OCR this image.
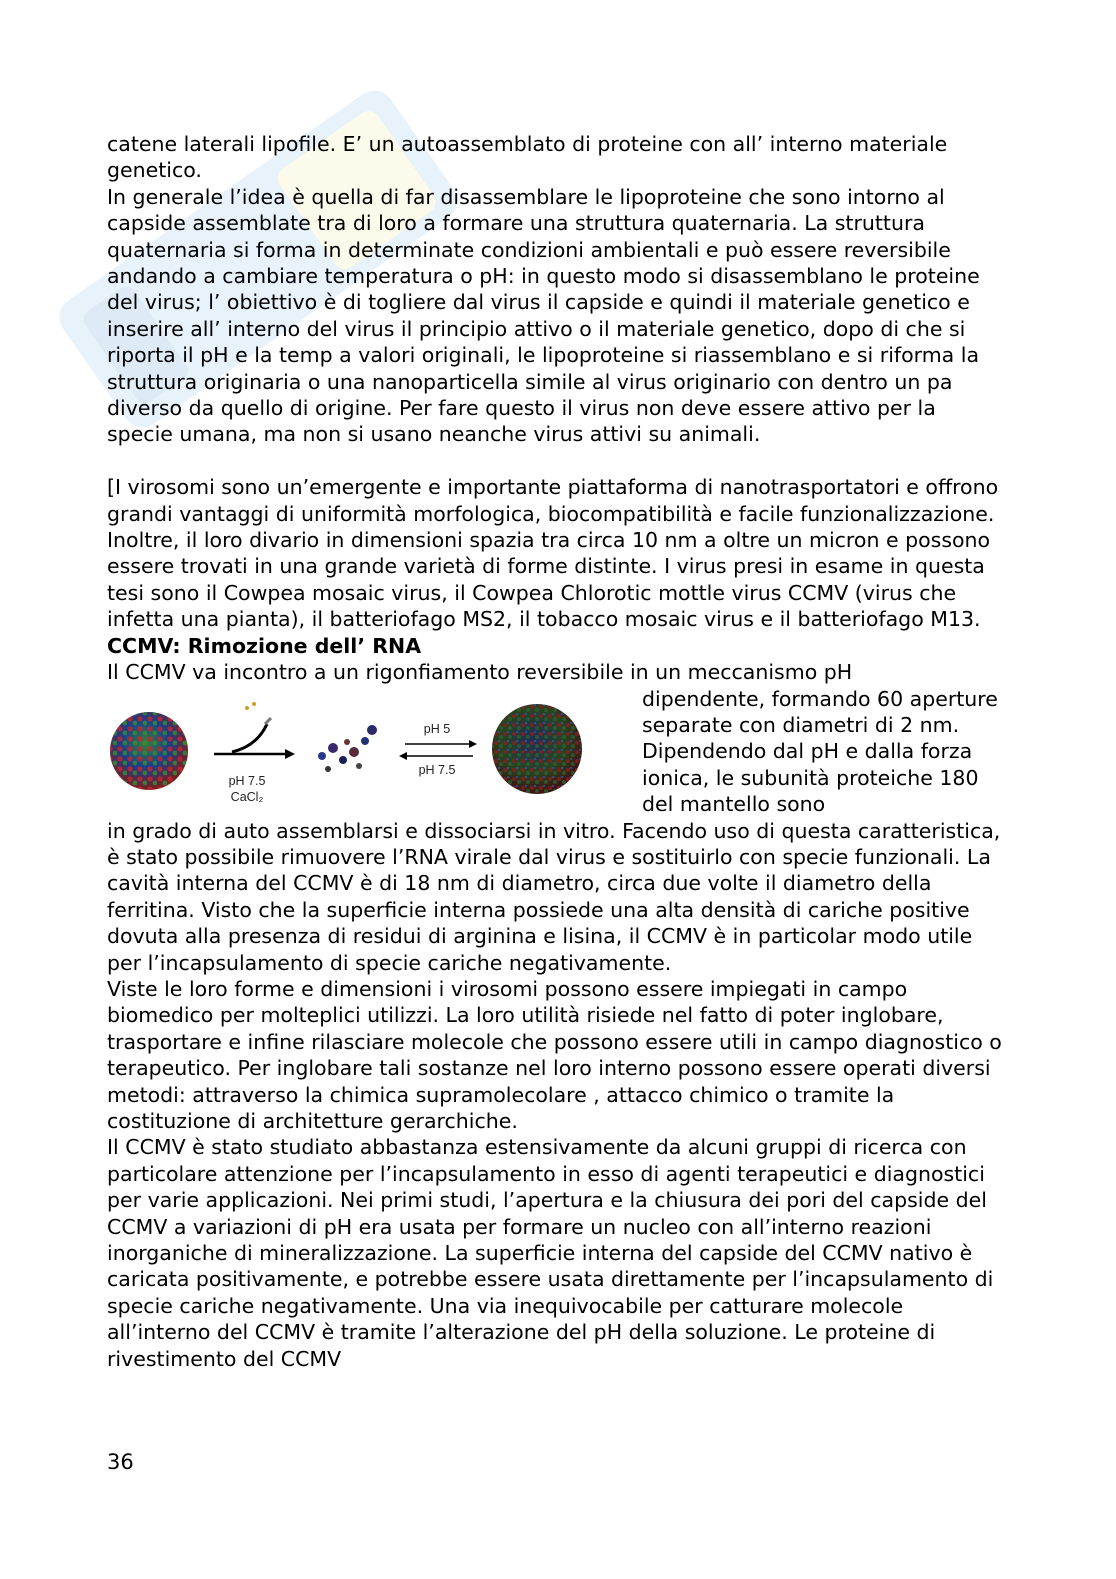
catene laterali lipofile. E’ un autoassemblato di proteine con all’ interno materiale genetico.

In generale l’idea è quella di far disassemblare le lipoproteine che sono intorno al capside assemblate tra di loro a formare una struttura quaternaria. La struttura quaternaria si forma in determinate condizioni ambientali e può essere reversibile andando a cambiare temperatura o pH: in questo modo si disassemblano le proteine del virus; l’ obiettivo è di togliere dal virus il capside e quindi il materiale genetico e inserire all’ interno del virus il principio attivo o il materiale genetico, dopo di che si riporta il pH e la temp a valori originali, le lipoproteine si riassemblano e si riforma la struttura originaria o una nanoparticella simile al virus originario con dentro un pa diverso da quello di origine. Per fare questo il virus non deve essere attivo per la specie umana, ma non si usano neanche virus attivi su animali.

[I virosomi sono un’emergente e importante piattaforma di nanotrasportatori e offrono grandi vantaggi di uniformità morfologica, biocompatibilità e facile funzionalizzazione. Inoltre, il loro divario in dimensioni spazia tra circa 10 nm a oltre un micron e possono essere trovati in una grande varietà di forme distinte. I virus presi in esame in questa tesi sono il Cowpea mosaic virus, il Cowpea Chlorotic mottle virus CCMV (virus che infetta una pianta), il batteriofago MS2, il tobacco mosaic virus e il batteriofago M13.

CCMV: Rimozione dell’ RNA

Il CCMV va incontro a un rigonfiamento reversibile in un meccanismo pH

pH 7.5
CaCl₂
pH 5
pH 7.5

dipendente, formando 60 aperture separate con diametri di 2 nm. Dipendendo dal pH e dalla forza ionica, le subunità proteiche 180 del mantello sono

in grado di auto assemblarsi e dissociarsi in vitro. Facendo uso di questa caratteristica, è stato possibile rimuovere l’RNA virale dal virus e sostituirlo con specie funzionali. La cavità interna del CCMV è di 18 nm di diametro, circa due volte il diametro della ferritina. Visto che la superficie interna possiede una alta densità di cariche positive dovuta alla presenza di residui di arginina e lisina, il CCMV è in particolar modo utile per l’incapsulamento di specie cariche negativamente.

Viste le loro forme e dimensioni i virosomi possono essere impiegati in campo biomedico per molteplici utilizzi. La loro utilità risiede nel fatto di poter inglobare, trasportare e infine rilasciare molecole che possono essere utili in campo diagnostico o terapeutico. Per inglobare tali sostanze nel loro interno possono essere operati diversi metodi: attraverso la chimica supramolecolare , attacco chimico o tramite la costituzione di architetture gerarchiche.

Il CCMV è stato studiato abbastanza estensivamente da alcuni gruppi di ricerca con particolare attenzione per l’incapsulamento in esso di agenti terapeutici e diagnostici per varie applicazioni. Nei primi studi, l’apertura e la chiusura dei pori del capside del CCMV a variazioni di pH era usata per formare un nucleo con all’interno reazioni inorganiche di mineralizzazione. La superficie interna del capside del CCMV nativo è caricata positivamente, e potrebbe essere usata direttamente per l’incapsulamento di specie cariche negativamente. Una via inequivocabile per catturare molecole all’interno del CCMV è tramite l’alterazione del pH della soluzione. Le proteine di rivestimento del CCMV

36
